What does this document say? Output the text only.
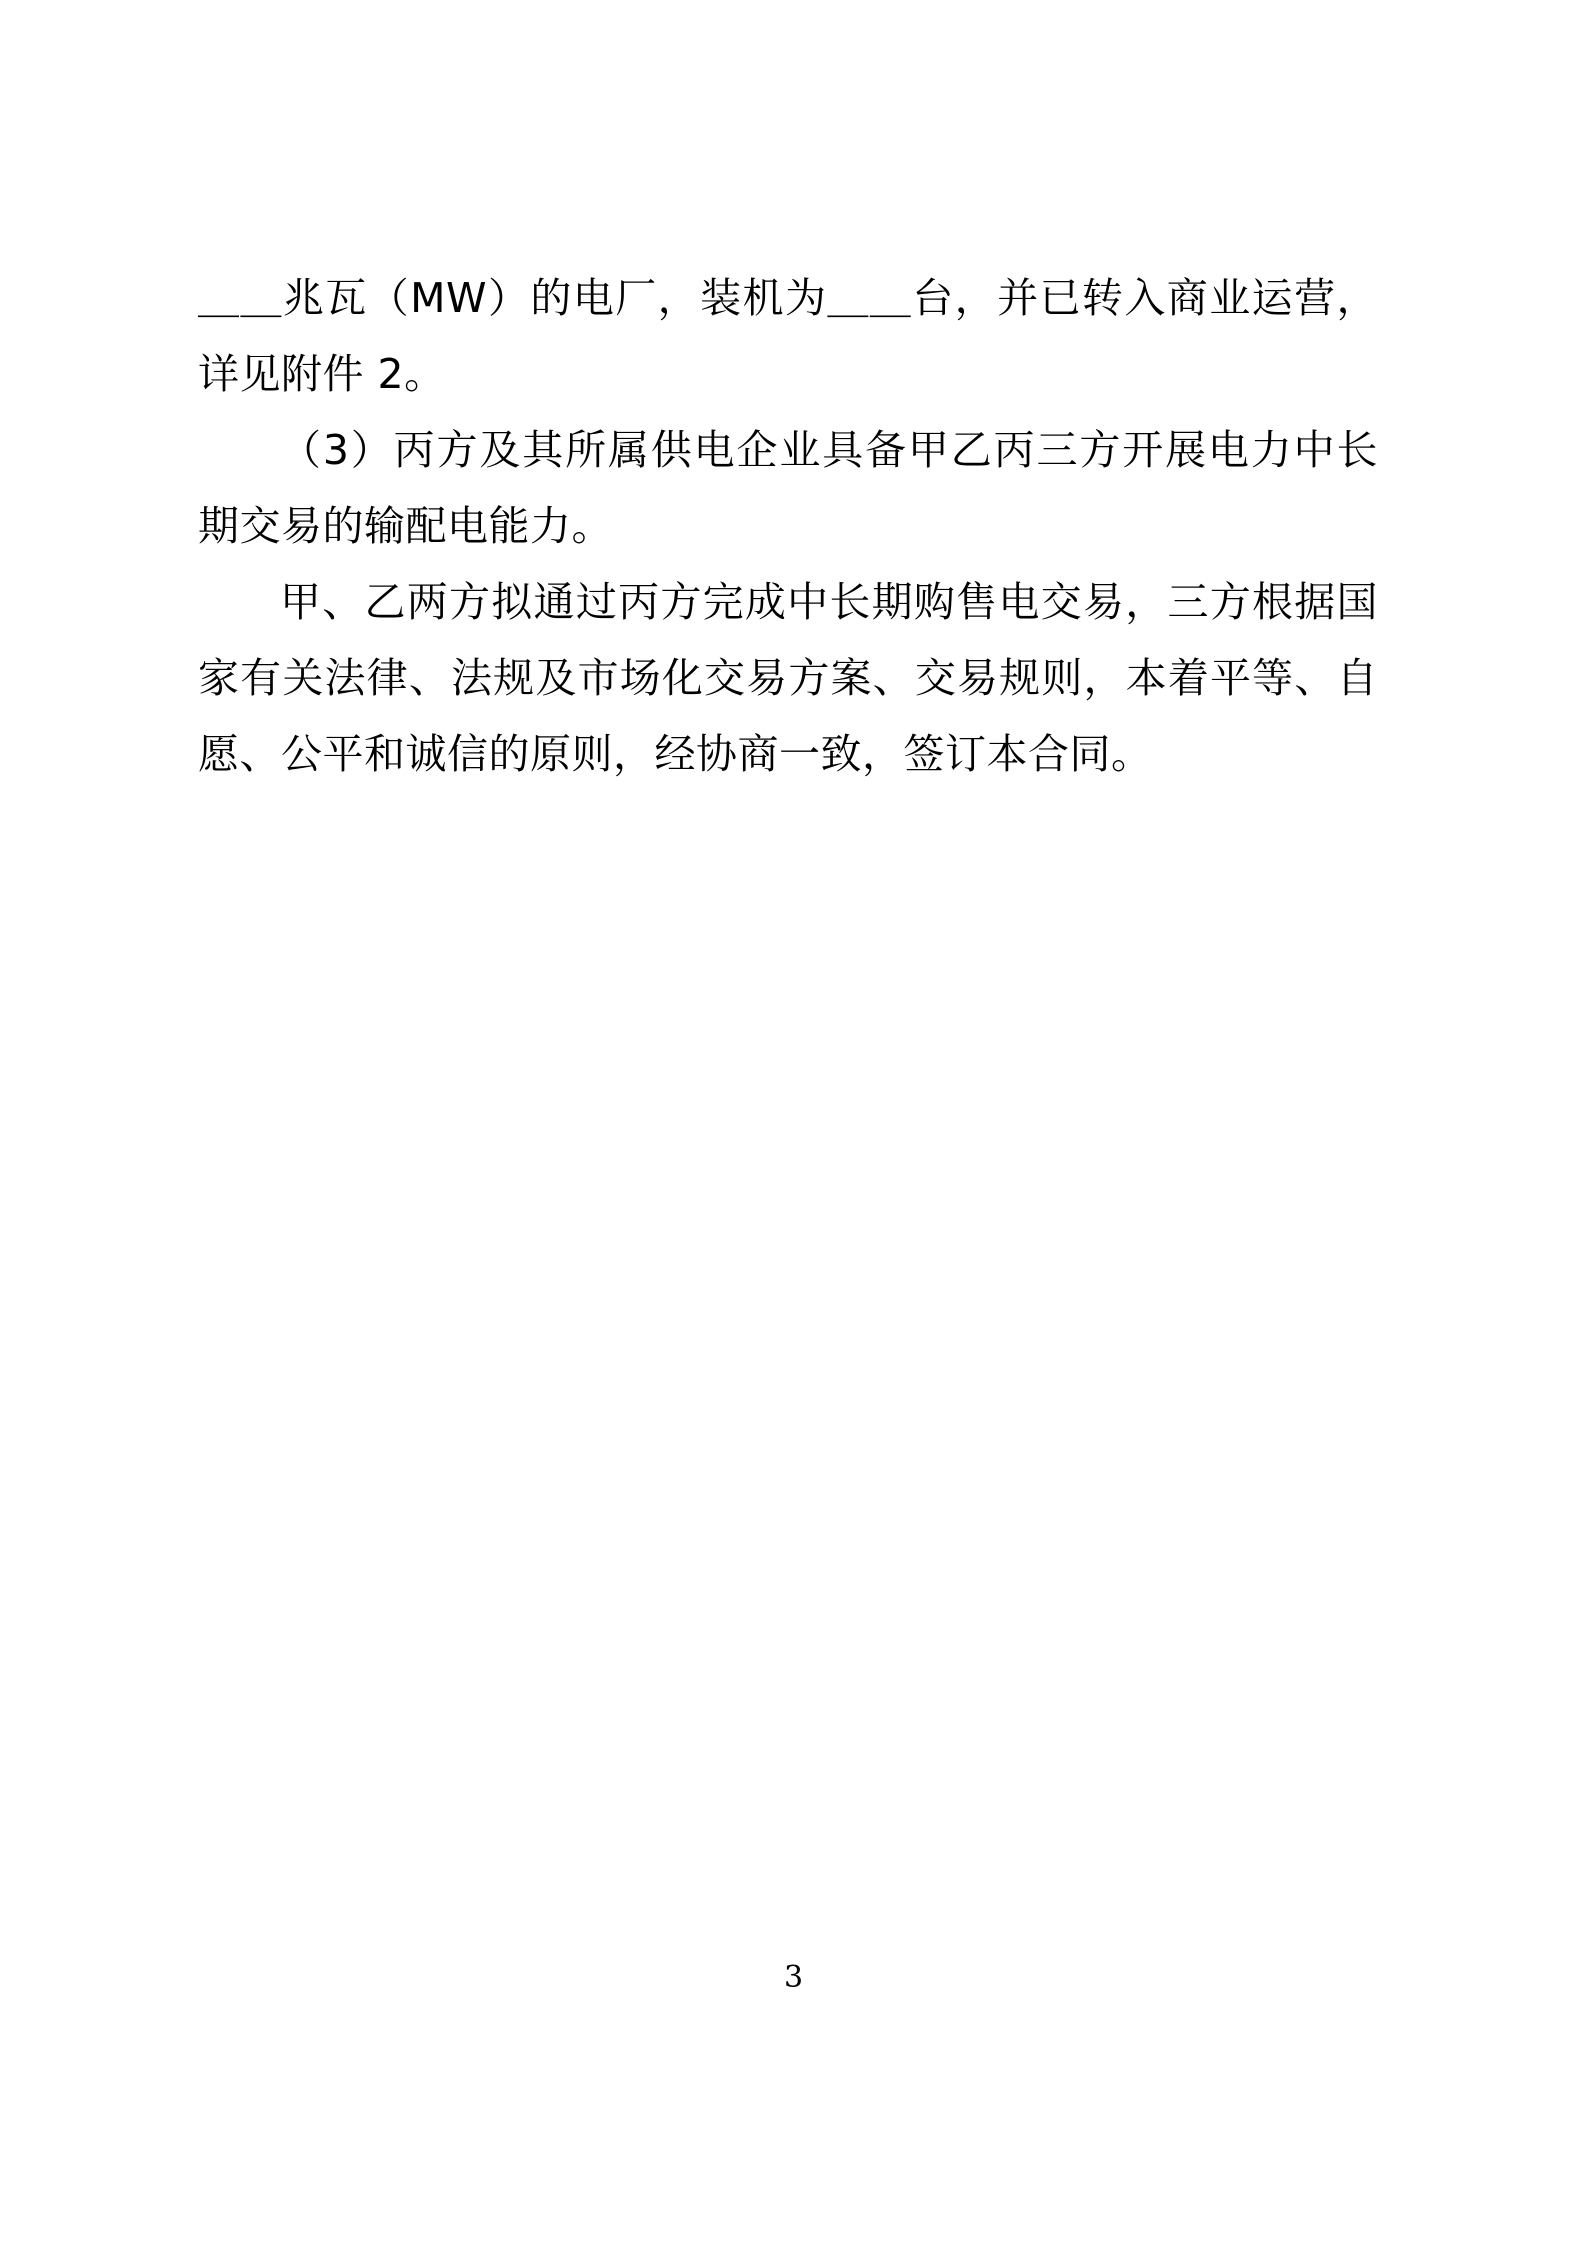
＿＿兆瓦（MW）的电厂，装机为＿＿台，并已转入商业运营，详见附件 2。

（3）丙方及其所属供电企业具备甲乙丙三方开展电力中长期交易的输配电能力。

甲、乙两方拟通过丙方完成中长期购售电交易，三方根据国家有关法律、法规及市场化交易方案、交易规则，本着平等、自愿、公平和诚信的原则，经协商一致，签订本合同。

3
